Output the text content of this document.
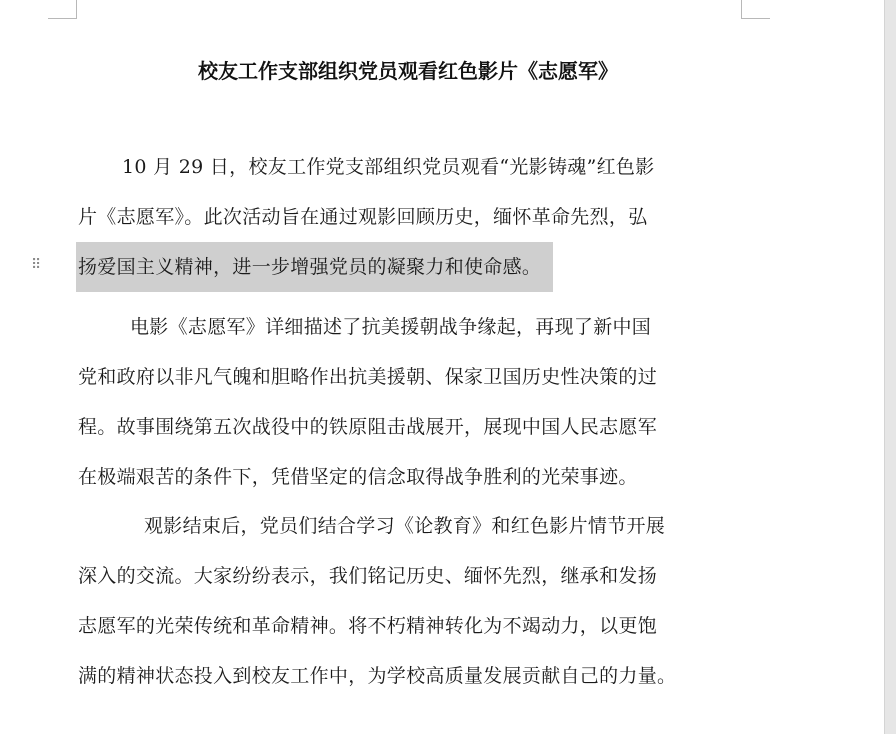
校友工作支部组织党员观看红色影片《志愿军》
⠿
10 月 29 日，校友工作党支部组织党员观看“光影铸魂”红色影
片《志愿军》。此次活动旨在通过观影回顾历史，缅怀革命先烈，弘
扬爱国主义精神，进一步增强党员的凝聚力和使命感。
电影《志愿军》详细描述了抗美援朝战争缘起，再现了新中国
党和政府以非凡气魄和胆略作出抗美援朝、保家卫国历史性决策的过
程。故事围绕第五次战役中的铁原阻击战展开，展现中国人民志愿军
在极端艰苦的条件下，凭借坚定的信念取得战争胜利的光荣事迹。
观影结束后，党员们结合学习《论教育》和红色影片情节开展
深入的交流。大家纷纷表示，我们铭记历史、缅怀先烈，继承和发扬
志愿军的光荣传统和革命精神。将不朽精神转化为不竭动力，以更饱
满的精神状态投入到校友工作中，为学校高质量发展贡献自己的力量。
